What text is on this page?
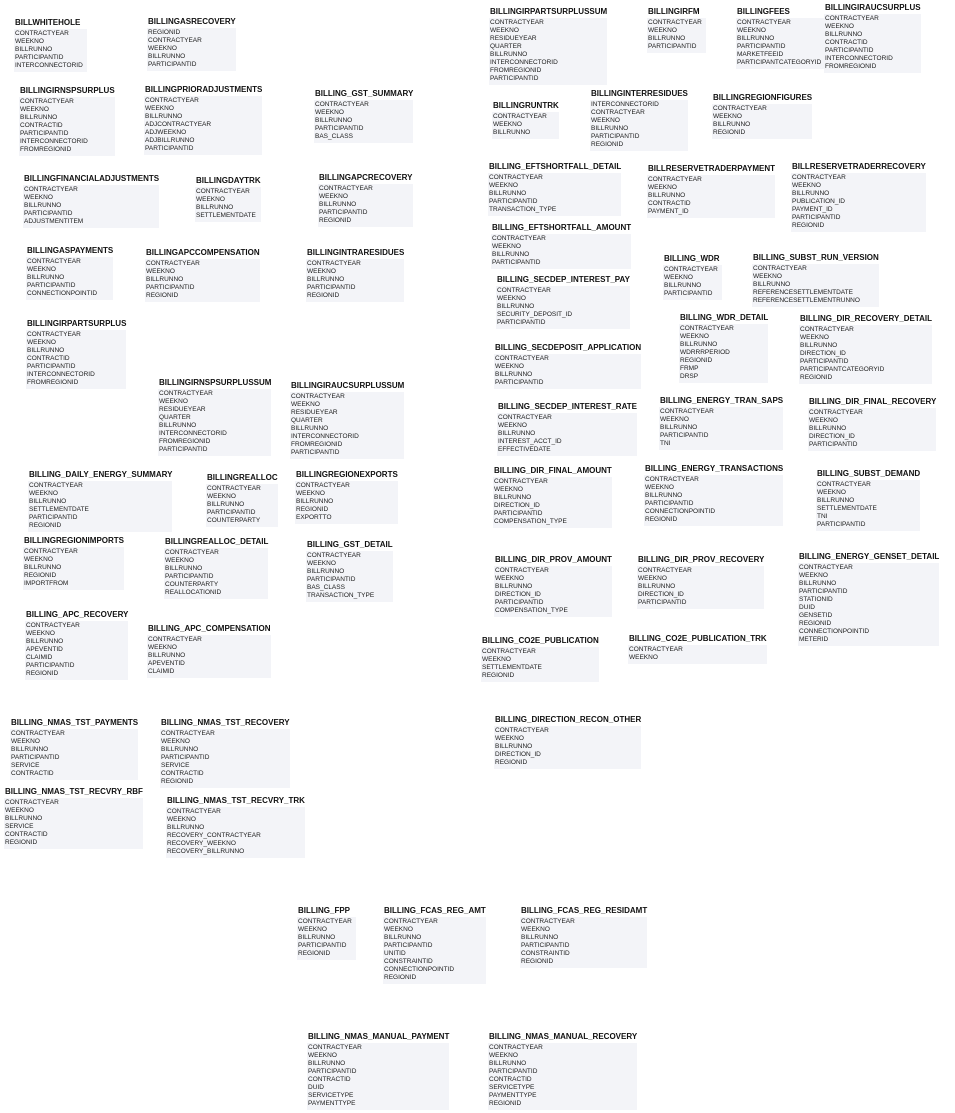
BILLWHITEHOLE
CONTRACTYEAR
WEEKNO
BILLRUNNO
PARTICIPANTID
INTERCONNECTORID
BILLINGASRECOVERY
REGIONID
CONTRACTYEAR
WEEKNO
BILLRUNNO
PARTICIPANTID
BILLINGIRPARTSURPLUSSUM
CONTRACTYEAR
WEEKNO
RESIDUEYEAR
QUARTER
BILLRUNNO
INTERCONNECTORID
FROMREGIONID
PARTICIPANTID
BILLINGIRFM
CONTRACTYEAR
WEEKNO
BILLRUNNO
PARTICIPANTID
BILLINGFEES
CONTRACTYEAR
WEEKNO
BILLRUNNO
PARTICIPANTID
MARKETFEEID
PARTICIPANTCATEGORYID
BILLINGIRAUCSURPLUS
CONTRACTYEAR
WEEKNO
BILLRUNNO
CONTRACTID
PARTICIPANTID
INTERCONNECTORID
FROMREGIONID
BILLINGIRNSPSURPLUS
CONTRACTYEAR
WEEKNO
BILLRUNNO
CONTRACTID
PARTICIPANTID
INTERCONNECTORID
FROMREGIONID
BILLINGPRIORADJUSTMENTS
CONTRACTYEAR
WEEKNO
BILLRUNNO
ADJCONTRACTYEAR
ADJWEEKNO
ADJBILLRUNNO
PARTICIPANTID
BILLING_GST_SUMMARY
CONTRACTYEAR
WEEKNO
BILLRUNNO
PARTICIPANTID
BAS_CLASS
BILLINGRUNTRK
CONTRACTYEAR
WEEKNO
BILLRUNNO
BILLINGINTERRESIDUES
INTERCONNECTORID
CONTRACTYEAR
WEEKNO
BILLRUNNO
PARTICIPANTID
REGIONID
BILLINGREGIONFIGURES
CONTRACTYEAR
WEEKNO
BILLRUNNO
REGIONID
BILLINGFINANCIALADJUSTMENTS
CONTRACTYEAR
WEEKNO
BILLRUNNO
PARTICIPANTID
ADJUSTMENTITEM
BILLINGDAYTRK
CONTRACTYEAR
WEEKNO
BILLRUNNO
SETTLEMENTDATE
BILLINGAPCRECOVERY
CONTRACTYEAR
WEEKNO
BILLRUNNO
PARTICIPANTID
REGIONID
BILLING_EFTSHORTFALL_DETAIL
CONTRACTYEAR
WEEKNO
BILLRUNNO
PARTICIPANTID
TRANSACTION_TYPE
BILLRESERVETRADERPAYMENT
CONTRACTYEAR
WEEKNO
BILLRUNNO
CONTRACTID
PAYMENT_ID
BILLRESERVETRADERRECOVERY
CONTRACTYEAR
WEEKNO
BILLRUNNO
PUBLICATION_ID
PAYMENT_ID
PARTICIPANTID
REGIONID
BILLING_EFTSHORTFALL_AMOUNT
CONTRACTYEAR
WEEKNO
BILLRUNNO
PARTICIPANTID
BILLINGASPAYMENTS
CONTRACTYEAR
WEEKNO
BILLRUNNO
PARTICIPANTID
CONNECTIONPOINTID
BILLINGAPCCOMPENSATION
CONTRACTYEAR
WEEKNO
BILLRUNNO
PARTICIPANTID
REGIONID
BILLINGINTRARESIDUES
CONTRACTYEAR
WEEKNO
BILLRUNNO
PARTICIPANTID
REGIONID
BILLING_WDR
CONTRACTYEAR
WEEKNO
BILLRUNNO
PARTICIPANTID
BILLING_SUBST_RUN_VERSION
CONTRACTYEAR
WEEKNO
BILLRUNNO
REFERENCESETTLEMENTDATE
REFERENCESETTLEMENTRUNNO
BILLING_SECDEP_INTEREST_PAY
CONTRACTYEAR
WEEKNO
BILLRUNNO
SECURITY_DEPOSIT_ID
PARTICIPANTID
BILLINGIRPARTSURPLUS
CONTRACTYEAR
WEEKNO
BILLRUNNO
CONTRACTID
PARTICIPANTID
INTERCONNECTORID
FROMREGIONID
BILLING_WDR_DETAIL
CONTRACTYEAR
WEEKNO
BILLRUNNO
WDRRRPERIOD
REGIONID
FRMP
DRSP
BILLING_DIR_RECOVERY_DETAIL
CONTRACTYEAR
WEEKNO
BILLRUNNO
DIRECTION_ID
PARTICIPANTID
PARTICIPANTCATEGORYID
REGIONID
BILLING_SECDEPOSIT_APPLICATION
CONTRACTYEAR
WEEKNO
BILLRUNNO
PARTICIPANTID
BILLINGIRNSPSURPLUSSUM
CONTRACTYEAR
WEEKNO
RESIDUEYEAR
QUARTER
BILLRUNNO
INTERCONNECTORID
FROMREGIONID
PARTICIPANTID
BILLINGIRAUCSURPLUSSUM
CONTRACTYEAR
WEEKNO
RESIDUEYEAR
QUARTER
BILLRUNNO
INTERCONNECTORID
FROMREGIONID
PARTICIPANTID
BILLING_ENERGY_TRAN_SAPS
CONTRACTYEAR
WEEKNO
BILLRUNNO
PARTICIPANTID
TNI
BILLING_DIR_FINAL_RECOVERY
CONTRACTYEAR
WEEKNO
BILLRUNNO
DIRECTION_ID
PARTICIPANTID
BILLING_SECDEP_INTEREST_RATE
CONTRACTYEAR
WEEKNO
BILLRUNNO
INTEREST_ACCT_ID
EFFECTIVEDATE
BILLING_DIR_FINAL_AMOUNT
CONTRACTYEAR
WEEKNO
BILLRUNNO
DIRECTION_ID
PARTICIPANTID
COMPENSATION_TYPE
BILLING_ENERGY_TRANSACTIONS
CONTRACTYEAR
WEEKNO
BILLRUNNO
PARTICIPANTID
CONNECTIONPOINTID
REGIONID
BILLING_SUBST_DEMAND
CONTRACTYEAR
WEEKNO
BILLRUNNO
SETTLEMENTDATE
TNI
PARTICIPANTID
BILLING_DAILY_ENERGY_SUMMARY
CONTRACTYEAR
WEEKNO
BILLRUNNO
SETTLEMENTDATE
PARTICIPANTID
REGIONID
BILLINGREALLOC
CONTRACTYEAR
WEEKNO
BILLRUNNO
PARTICIPANTID
COUNTERPARTY
BILLINGREGIONEXPORTS
CONTRACTYEAR
WEEKNO
BILLRUNNO
REGIONID
EXPORTTO
BILLINGREGIONIMPORTS
CONTRACTYEAR
WEEKNO
BILLRUNNO
REGIONID
IMPORTFROM
BILLINGREALLOC_DETAIL
CONTRACTYEAR
WEEKNO
BILLRUNNO
PARTICIPANTID
COUNTERPARTY
REALLOCATIONID
BILLING_GST_DETAIL
CONTRACTYEAR
WEEKNO
BILLRUNNO
PARTICIPANTID
BAS_CLASS
TRANSACTION_TYPE
BILLING_DIR_PROV_AMOUNT
CONTRACTYEAR
WEEKNO
BILLRUNNO
DIRECTION_ID
PARTICIPANTID
COMPENSATION_TYPE
BILLING_DIR_PROV_RECOVERY
CONTRACTYEAR
WEEKNO
BILLRUNNO
DIRECTION_ID
PARTICIPANTID
BILLING_ENERGY_GENSET_DETAIL
CONTRACTYEAR
WEEKNO
BILLRUNNO
PARTICIPANTID
STATIONID
DUID
GENSETID
REGIONID
CONNECTIONPOINTID
METERID
BILLING_APC_RECOVERY
CONTRACTYEAR
WEEKNO
BILLRUNNO
APEVENTID
CLAIMID
PARTICIPANTID
REGIONID
BILLING_APC_COMPENSATION
CONTRACTYEAR
WEEKNO
BILLRUNNO
APEVENTID
CLAIMID
BILLING_CO2E_PUBLICATION
CONTRACTYEAR
WEEKNO
SETTLEMENTDATE
REGIONID
BILLING_CO2E_PUBLICATION_TRK
CONTRACTYEAR
WEEKNO
BILLING_NMAS_TST_PAYMENTS
CONTRACTYEAR
WEEKNO
BILLRUNNO
PARTICIPANTID
SERVICE
CONTRACTID
BILLING_NMAS_TST_RECOVERY
CONTRACTYEAR
WEEKNO
BILLRUNNO
PARTICIPANTID
SERVICE
CONTRACTID
REGIONID
BILLING_DIRECTION_RECON_OTHER
CONTRACTYEAR
WEEKNO
BILLRUNNO
DIRECTION_ID
REGIONID
BILLING_NMAS_TST_RECVRY_RBF
CONTRACTYEAR
WEEKNO
BILLRUNNO
SERVICE
CONTRACTID
REGIONID
BILLING_NMAS_TST_RECVRY_TRK
CONTRACTYEAR
WEEKNO
BILLRUNNO
RECOVERY_CONTRACTYEAR
RECOVERY_WEEKNO
RECOVERY_BILLRUNNO
BILLING_FPP
CONTRACTYEAR
WEEKNO
BILLRUNNO
PARTICIPANTID
REGIONID
BILLING_FCAS_REG_AMT
CONTRACTYEAR
WEEKNO
BILLRUNNO
PARTICIPANTID
UNITID
CONSTRAINTID
CONNECTIONPOINTID
REGIONID
BILLING_FCAS_REG_RESIDAMT
CONTRACTYEAR
WEEKNO
BILLRUNNO
PARTICIPANTID
CONSTRAINTID
REGIONID
BILLING_NMAS_MANUAL_PAYMENT
CONTRACTYEAR
WEEKNO
BILLRUNNO
PARTICIPANTID
CONTRACTID
DUID
SERVICETYPE
PAYMENTTYPE
BILLING_NMAS_MANUAL_RECOVERY
CONTRACTYEAR
WEEKNO
BILLRUNNO
PARTICIPANTID
CONTRACTID
SERVICETYPE
PAYMENTTYPE
REGIONID
